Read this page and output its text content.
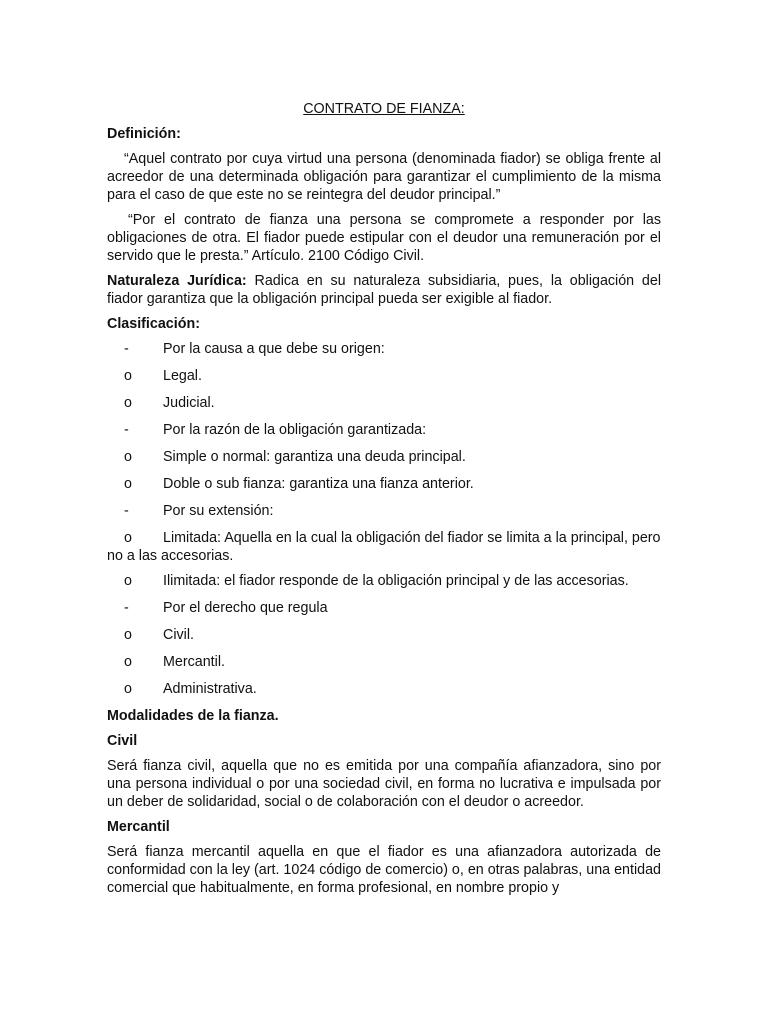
CONTRATO DE FIANZA:
Definición:
“Aquel contrato por cuya virtud una persona (denominada fiador) se obliga frente al acreedor de una determinada obligación para garantizar el cumplimiento de la misma para el caso de que este no se reintegra del deudor principal.”
“Por el contrato de fianza una persona se compromete a responder por las obligaciones de otra. El fiador puede estipular con el deudor una remuneración por el servido que le presta.” Artículo. 2100 Código Civil.
Naturaleza Jurídica: Radica en su naturaleza subsidiaria, pues, la obligación del fiador garantiza que la obligación principal pueda ser exigible al fiador.
Clasificación:
-	Por la causa a que debe su origen:
o	Legal.
o	Judicial.
-	Por la razón de la obligación garantizada:
o	Simple o normal: garantiza una deuda principal.
o	Doble o sub fianza: garantiza una fianza anterior.
-	Por su extensión:
o Limitada: Aquella en la cual la obligación del fiador se limita a la principal, pero no a las accesorias.
o	Ilimitada: el fiador responde de la obligación principal y de las accesorias.
-	Por el derecho que regula
o	Civil.
o	Mercantil.
o	Administrativa.
Modalidades de la fianza.
Civil
Será fianza civil, aquella que no es emitida por una compañía afianzadora, sino por una persona individual o por una sociedad civil, en forma no lucrativa e impulsada por un deber de solidaridad, social o de colaboración con el deudor o acreedor.
Mercantil
Será fianza mercantil aquella en que el fiador es una afianzadora autorizada de conformidad con la ley (art. 1024 código de comercio) o, en otras palabras, una entidad comercial que habitualmente, en forma profesional, en nombre propio y
